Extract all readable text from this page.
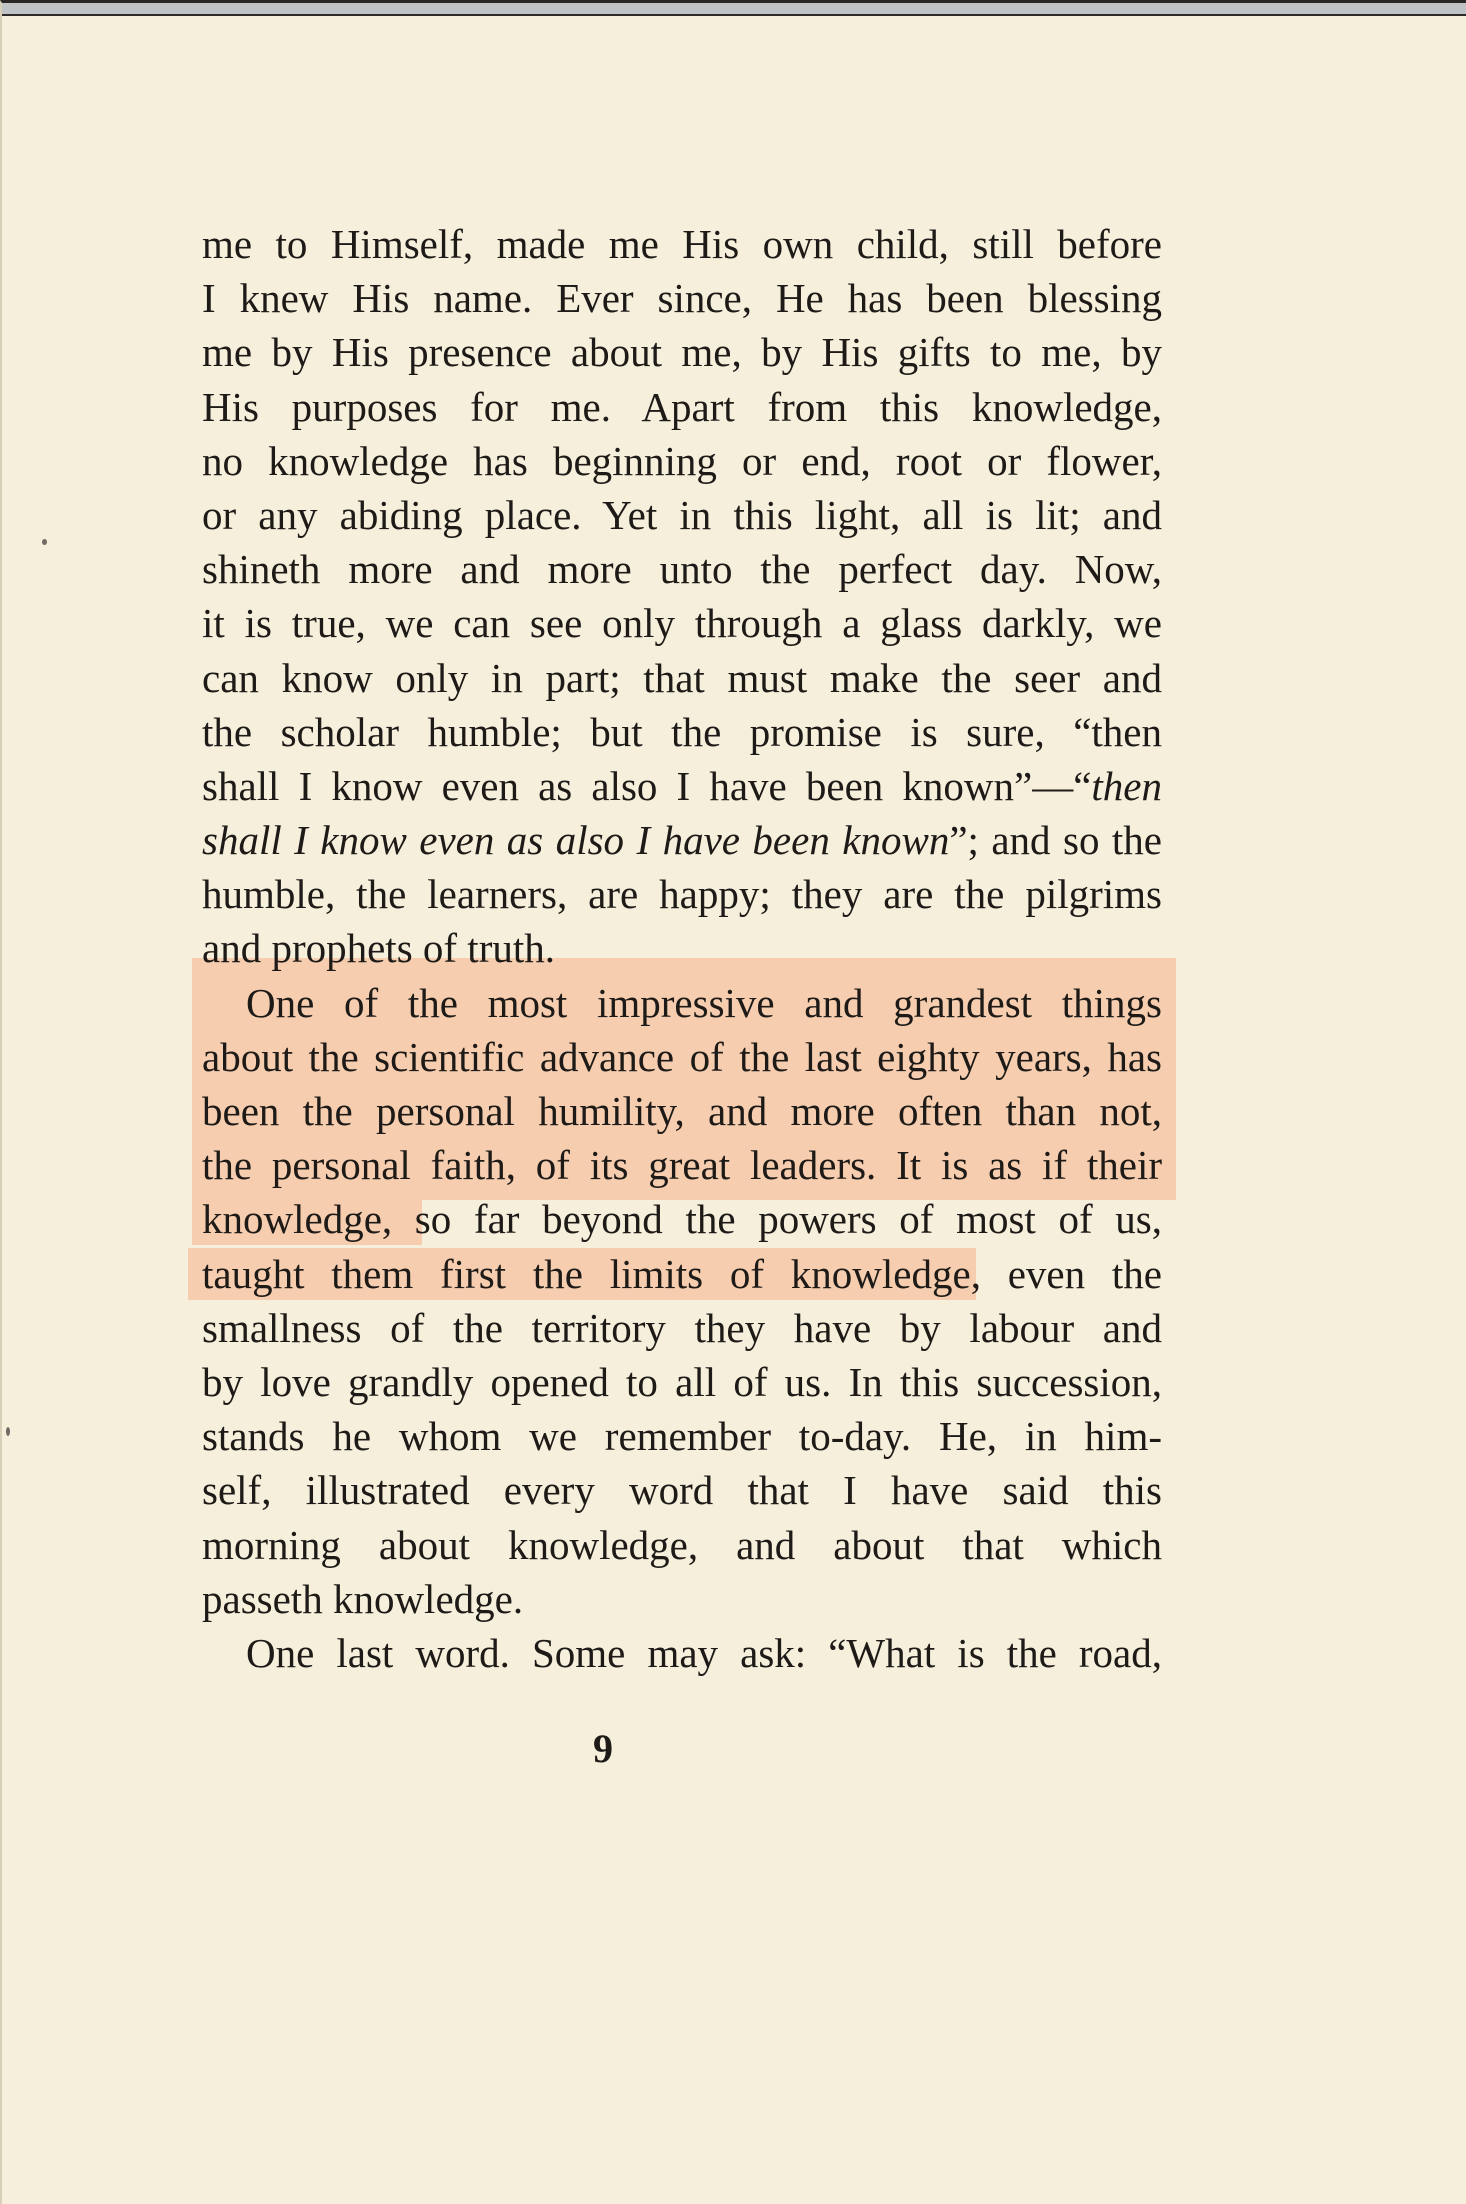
me to Himself, made me His own child, still before
I knew His name. Ever since, He has been blessing
me by His presence about me, by His gifts to me, by
His purposes for me. Apart from this knowledge,
no knowledge has beginning or end, root or flower,
or any abiding place. Yet in this light, all is lit; and
shineth more and more unto the perfect day. Now,
it is true, we can see only through a glass darkly, we
can know only in part; that must make the seer and
the scholar humble; but the promise is sure, “then
shall I know even as also I have been known”—“then
shall I know even as also I have been known”; and so the
humble, the learners, are happy; they are the pilgrims
and prophets of truth.
One of the most impressive and grandest things
about the scientific advance of the last eighty years, has
been the personal humility, and more often than not,
the personal faith, of its great leaders. It is as if their
knowledge, so far beyond the powers of most of us,
taught them first the limits of knowledge, even the
smallness of the territory they have by labour and
by love grandly opened to all of us. In this succession,
stands he whom we remember to-day. He, in him-
self, illustrated every word that I have said this
morning about knowledge, and about that which
passeth knowledge.
One last word. Some may ask: “What is the road,
9
